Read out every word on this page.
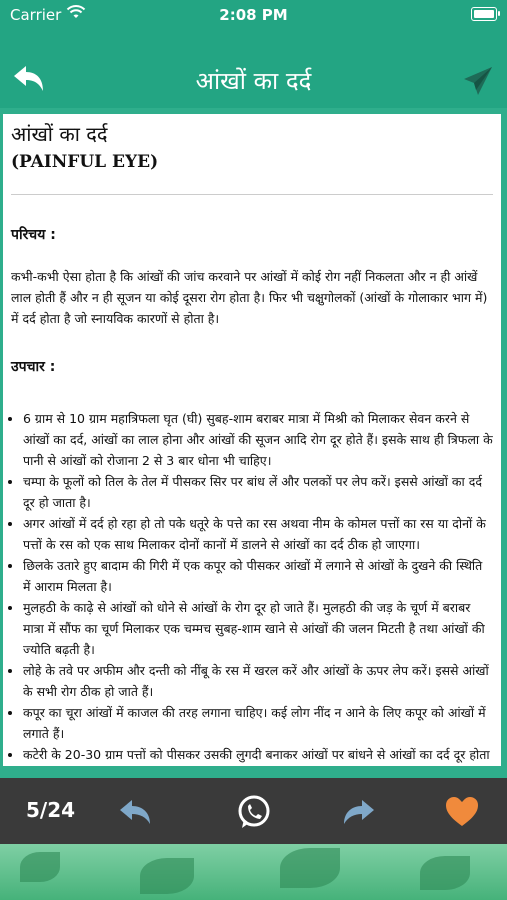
Carrier	2:08 PM
आंखों का दर्द

आंखों का दर्द

(PAINFUL EYE)

परिचय :

कभी-कभी ऐसा होता है कि आंखों की जांच करवाने पर आंखों में कोई रोग नहीं निकलता और न ही आंखें लाल होती हैं और न ही सूजन या कोई दूसरा रोग होता है। फिर भी चक्षुगोलकों (आंखों के गोलाकार भाग में) में दर्द होता है जो स्नायविक कारणों से होता है।

उपचार :

• 6 ग्राम से 10 ग्राम महात्रिफला घृत (घी) सुबह-शाम बराबर मात्रा में मिश्री को मिलाकर सेवन करने से आंखों का दर्द, आंखों का लाल होना और आंखों की सूजन आदि रोग दूर होते हैं। इसके साथ ही त्रिफला के पानी से आंखों को रोजाना 2 से 3 बार धोना भी चाहिए।
• चम्पा के फूलों को तिल के तेल में पीसकर सिर पर बांध लें और पलकों पर लेप करें। इससे आंखों का दर्द दूर हो जाता है।
• अगर आंखों में दर्द हो रहा हो तो पके धतूरे के पत्ते का रस अथवा नीम के कोमल पत्तों का रस या दोनों के पत्तों के रस को एक साथ मिलाकर दोनों कानों में डालने से आंखों का दर्द ठीक हो जाएगा।
• छिलके उतारे हुए बादाम की गिरी में एक कपूर को पीसकर आंखों में लगाने से आंखों के दुखने की स्थिति में आराम मिलता है।
• मुलहठी के काढ़े से आंखों को धोने से आंखों के रोग दूर हो जाते हैं। मुलहठी की जड़ के चूर्ण में बराबर मात्रा में सौंफ का चूर्ण मिलाकर एक चम्मच सुबह-शाम खाने से आंखों की जलन मिटती है तथा आंखों की ज्योति बढ़ती है।
• लोहे के तवे पर अफीम और दन्ती को नींबू के रस में खरल करें और आंखों के ऊपर लेप करें। इससे आंखों के सभी रोग ठीक हो जाते हैं।
• कपूर का चूरा आंखों में काजल की तरह लगाना चाहिए। कई लोग नींद न आने के लिए कपूर को आंखों में लगाते हैं।
• कटेरी के 20-30 ग्राम पत्तों को पीसकर उसकी लुगदी बनाकर आंखों पर बांधने से आंखों का दर्द दूर होता
5/24
